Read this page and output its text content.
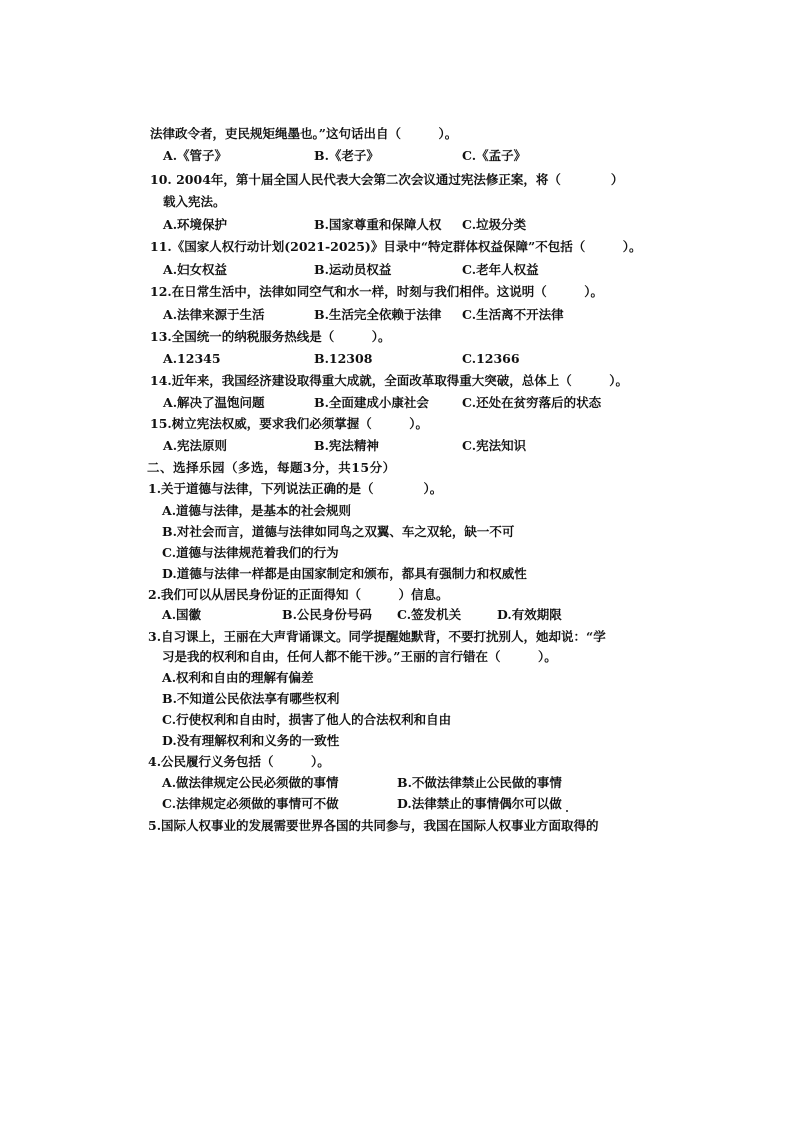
法律政令者，吏民规矩绳墨也。”这句话出自（　　　）。
A.《管子》	B.《老子》	C.《孟子》
10. 2004年，第十届全国人民代表大会第二次会议通过宪法修正案，将（　　　　）
载入宪法。
A.环境保护	B.国家尊重和保障人权 C.垃圾分类
11.《国家人权行动计划(2021-2025)》目录中“特定群体权益保障”不包括（　　　）。
A.妇女权益	B.运动员权益	C.老年人权益
12.在日常生活中，法律如同空气和水一样，时刻与我们相伴。这说明（　　　）。
A.法律来源于生活	B.生活完全依赖于法律 C.生活离不开法律
13.全国统一的纳税服务热线是（　　　）。
A.12345	B.12308	C.12366
14.近年来，我国经济建设取得重大成就，全面改革取得重大突破，总体上（　　　）。
A.解决了温饱问题	B.全面建成小康社会	C.还处在贫穷落后的状态
15.树立宪法权威，要求我们必须掌握（　　　）。
A.宪法原则	B.宪法精神	C.宪法知识
二、选择乐园（多选，每题3分，共15分）
1.关于道德与法律，下列说法正确的是（　　　　）。
A.道德与法律，是基本的社会规则
B.对社会而言，道德与法律如同鸟之双翼、车之双轮，缺一不可
C.道德与法律规范着我们的行为
D.道德与法律一样都是由国家制定和颁布，都具有强制力和权威性
2.我们可以从居民身份证的正面得知（　　　）信息。
A.国徽	B.公民身份号码 C.签发机关	D.有效期限
3.自习课上，王丽在大声背诵课文。同学提醒她默背，不要打扰别人，她却说：“学
习是我的权利和自由，任何人都不能干涉。”王丽的言行错在（　　　）。
A.权利和自由的理解有偏差
B.不知道公民依法享有哪些权利
C.行使权利和自由时，损害了他人的合法权利和自由
D.没有理解权利和义务的一致性
4.公民履行义务包括（　　　）。
A.做法律规定公民必须做的事情	B.不做法律禁止公民做的事情
C.法律规定必须做的事情可不做	D.法律禁止的事情偶尔可以做
5.国际人权事业的发展需要世界各国的共同参与，我国在国际人权事业方面取得的
